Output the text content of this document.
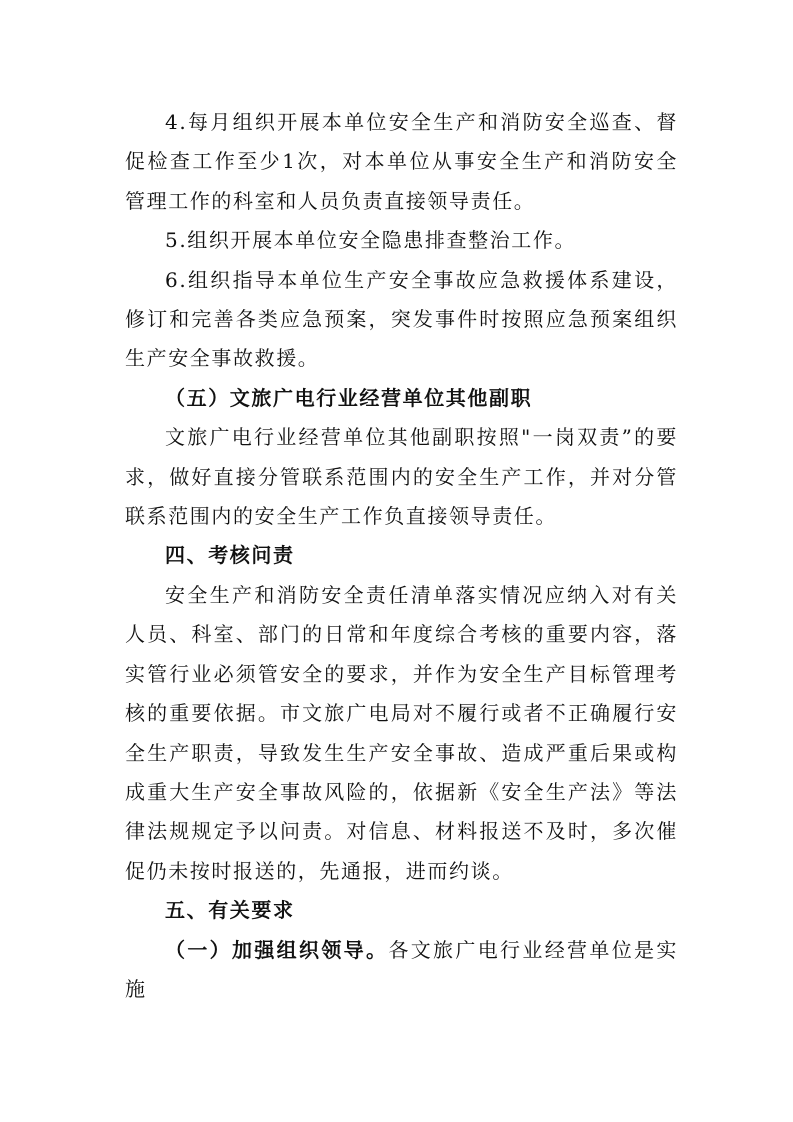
4.每月组织开展本单位安全生产和消防安全巡查、督促检查工作至少1次，对本单位从事安全生产和消防安全管理工作的科室和人员负责直接领导责任。

5.组织开展本单位安全隐患排查整治工作。

6.组织指导本单位生产安全事故应急救援体系建设，修订和完善各类应急预案，突发事件时按照应急预案组织生产安全事故救援。

（五）文旅广电行业经营单位其他副职

文旅广电行业经营单位其他副职按照"一岗双责”的要求，做好直接分管联系范围内的安全生产工作，并对分管联系范围内的安全生产工作负直接领导责任。

四、考核问责

安全生产和消防安全责任清单落实情况应纳入对有关人员、科室、部门的日常和年度综合考核的重要内容，落实管行业必须管安全的要求，并作为安全生产目标管理考核的重要依据。市文旅广电局对不履行或者不正确履行安全生产职责，导致发生生产安全事故、造成严重后果或构成重大生产安全事故风险的，依据新《安全生产法》等法律法规规定予以问责。对信息、材料报送不及时，多次催促仍未按时报送的，先通报，进而约谈。

五、有关要求

（一）加强组织领导。各文旅广电行业经营单位是实施
